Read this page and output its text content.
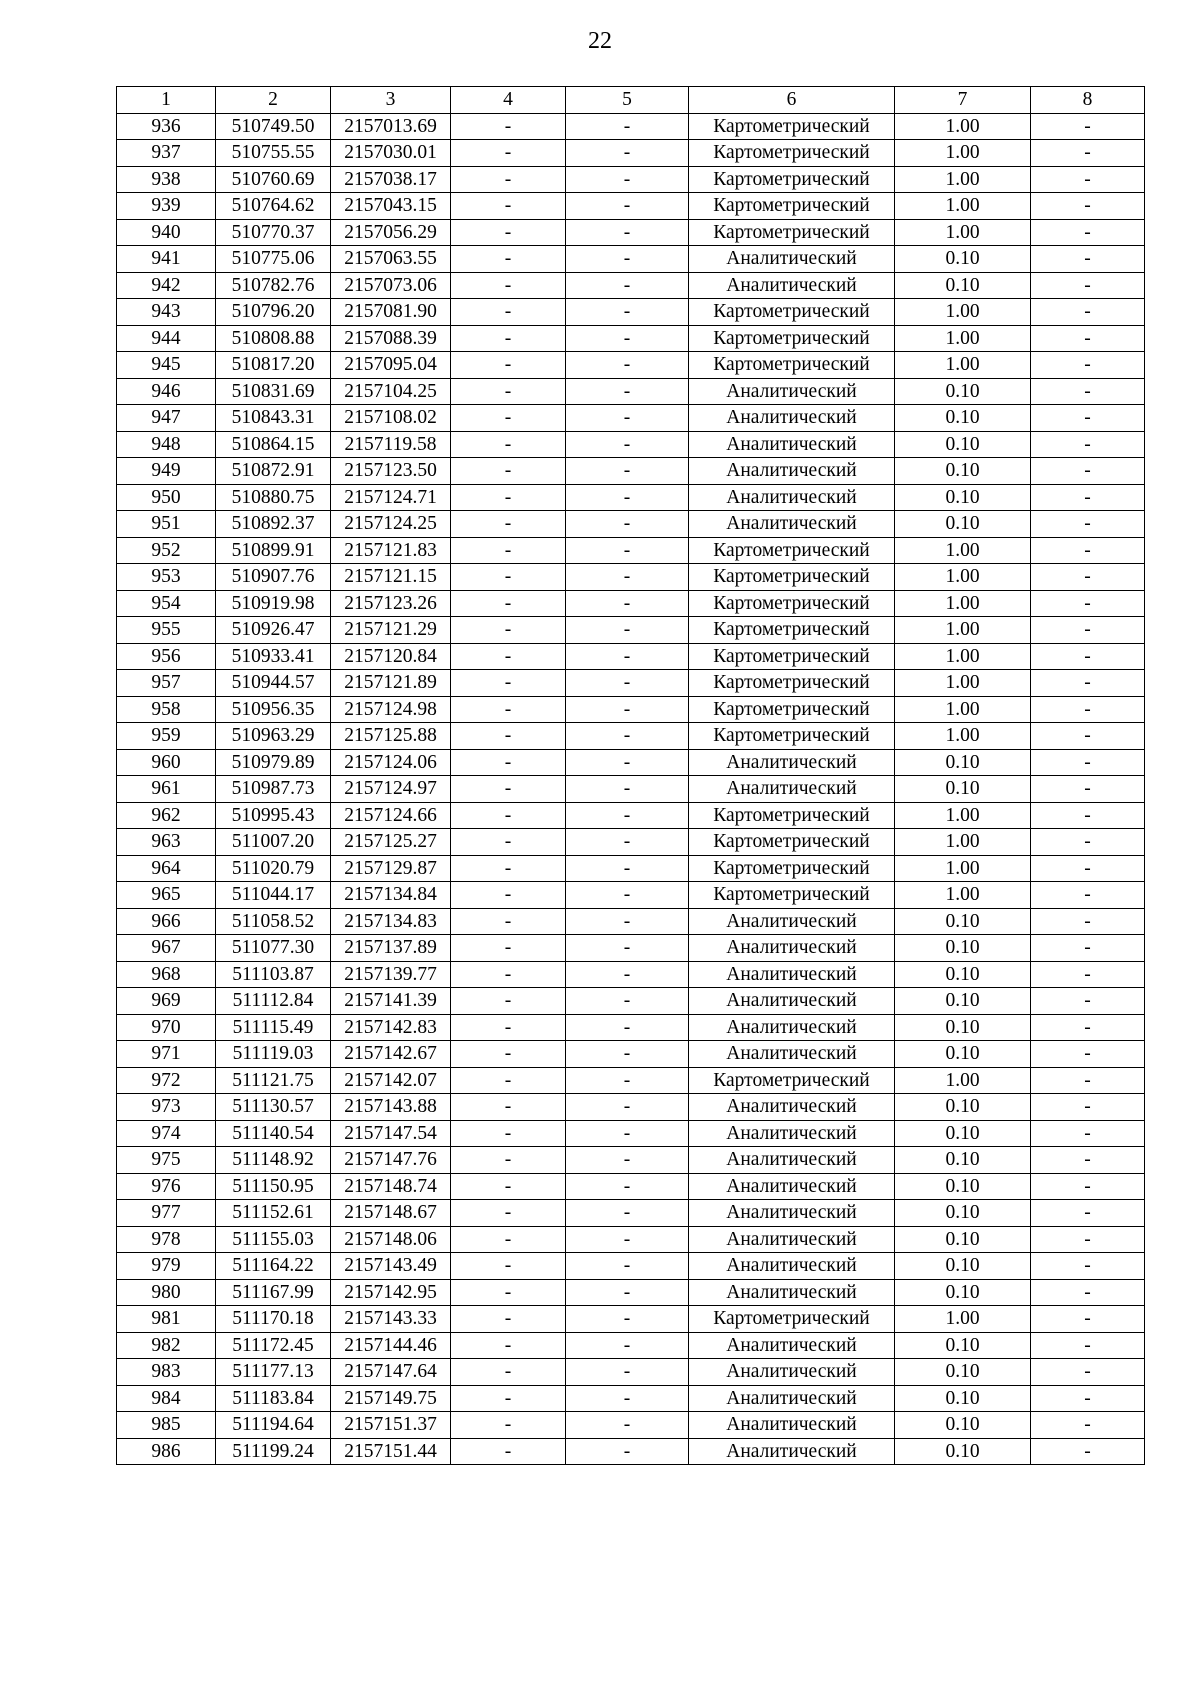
22
1	2	3	4	5	6	7	8
936	510749.50	2157013.69	-	-	Картометрический	1.00	-
937	510755.55	2157030.01	-	-	Картометрический	1.00	-
938	510760.69	2157038.17	-	-	Картометрический	1.00	-
939	510764.62	2157043.15	-	-	Картометрический	1.00	-
940	510770.37	2157056.29	-	-	Картометрический	1.00	-
941	510775.06	2157063.55	-	-	Аналитический	0.10	-
942	510782.76	2157073.06	-	-	Аналитический	0.10	-
943	510796.20	2157081.90	-	-	Картометрический	1.00	-
944	510808.88	2157088.39	-	-	Картометрический	1.00	-
945	510817.20	2157095.04	-	-	Картометрический	1.00	-
946	510831.69	2157104.25	-	-	Аналитический	0.10	-
947	510843.31	2157108.02	-	-	Аналитический	0.10	-
948	510864.15	2157119.58	-	-	Аналитический	0.10	-
949	510872.91	2157123.50	-	-	Аналитический	0.10	-
950	510880.75	2157124.71	-	-	Аналитический	0.10	-
951	510892.37	2157124.25	-	-	Аналитический	0.10	-
952	510899.91	2157121.83	-	-	Картометрический	1.00	-
953	510907.76	2157121.15	-	-	Картометрический	1.00	-
954	510919.98	2157123.26	-	-	Картометрический	1.00	-
955	510926.47	2157121.29	-	-	Картометрический	1.00	-
956	510933.41	2157120.84	-	-	Картометрический	1.00	-
957	510944.57	2157121.89	-	-	Картометрический	1.00	-
958	510956.35	2157124.98	-	-	Картометрический	1.00	-
959	510963.29	2157125.88	-	-	Картометрический	1.00	-
960	510979.89	2157124.06	-	-	Аналитический	0.10	-
961	510987.73	2157124.97	-	-	Аналитический	0.10	-
962	510995.43	2157124.66	-	-	Картометрический	1.00	-
963	511007.20	2157125.27	-	-	Картометрический	1.00	-
964	511020.79	2157129.87	-	-	Картометрический	1.00	-
965	511044.17	2157134.84	-	-	Картометрический	1.00	-
966	511058.52	2157134.83	-	-	Аналитический	0.10	-
967	511077.30	2157137.89	-	-	Аналитический	0.10	-
968	511103.87	2157139.77	-	-	Аналитический	0.10	-
969	511112.84	2157141.39	-	-	Аналитический	0.10	-
970	511115.49	2157142.83	-	-	Аналитический	0.10	-
971	511119.03	2157142.67	-	-	Аналитический	0.10	-
972	511121.75	2157142.07	-	-	Картометрический	1.00	-
973	511130.57	2157143.88	-	-	Аналитический	0.10	-
974	511140.54	2157147.54	-	-	Аналитический	0.10	-
975	511148.92	2157147.76	-	-	Аналитический	0.10	-
976	511150.95	2157148.74	-	-	Аналитический	0.10	-
977	511152.61	2157148.67	-	-	Аналитический	0.10	-
978	511155.03	2157148.06	-	-	Аналитический	0.10	-
979	511164.22	2157143.49	-	-	Аналитический	0.10	-
980	511167.99	2157142.95	-	-	Аналитический	0.10	-
981	511170.18	2157143.33	-	-	Картометрический	1.00	-
982	511172.45	2157144.46	-	-	Аналитический	0.10	-
983	511177.13	2157147.64	-	-	Аналитический	0.10	-
984	511183.84	2157149.75	-	-	Аналитический	0.10	-
985	511194.64	2157151.37	-	-	Аналитический	0.10	-
986	511199.24	2157151.44	-	-	Аналитический	0.10	-
